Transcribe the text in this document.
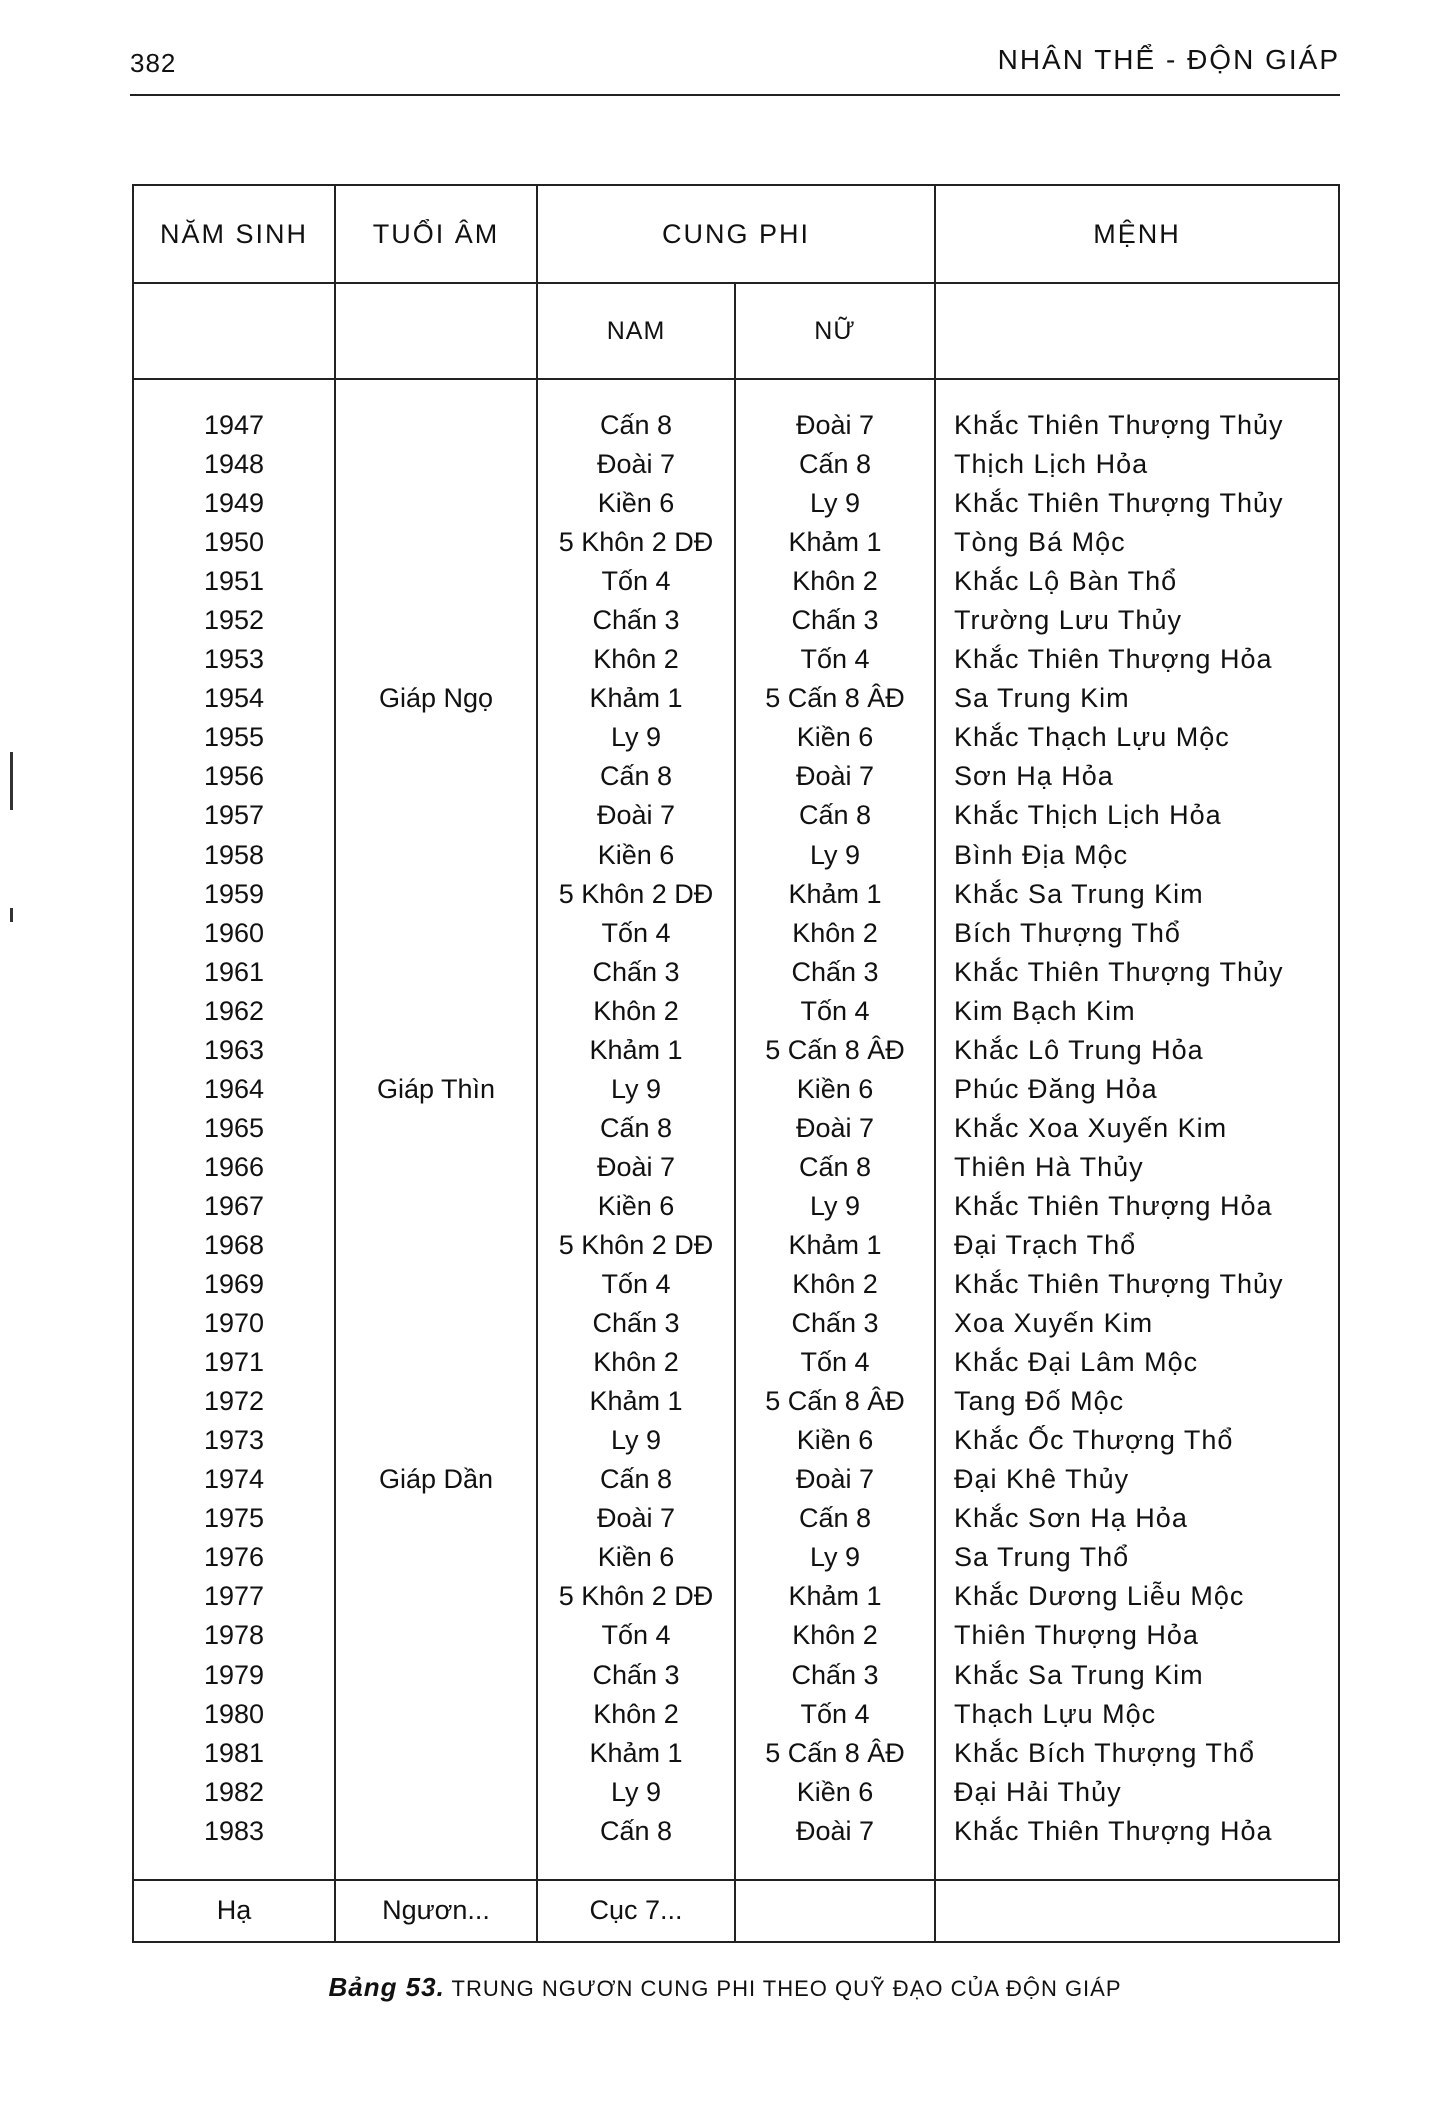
382	NHÂN THỂ - ĐỘN GIÁP
NĂM SINH	TUỔI ÂM	CUNG PHI		MỆNH
		NAM	NỮ	
1947		Cấn 8	Đoài 7	Khắc Thiên Thượng Thủy
1948		Đoài 7	Cấn 8	Thịch Lịch Hỏa
1949		Kiền 6	Ly 9	Khắc Thiên Thượng Thủy
1950		5 Khôn 2 DĐ	Khảm 1	Tòng Bá Mộc
1951		Tốn 4	Khôn 2	Khắc Lộ Bàn Thổ
1952		Chấn 3	Chấn 3	Trường Lưu Thủy
1953		Khôn 2	Tốn 4	Khắc Thiên Thượng Hỏa
1954	Giáp Ngọ	Khảm 1	5 Cấn 8 ÂĐ	Sa Trung Kim
1955		Ly 9	Kiền 6	Khắc Thạch Lựu Mộc
1956		Cấn 8	Đoài 7	Sơn Hạ Hỏa
1957		Đoài 7	Cấn 8	Khắc Thịch Lịch Hỏa
1958		Kiền 6	Ly 9	Bình Địa Mộc
1959		5 Khôn 2 DĐ	Khảm 1	Khắc Sa Trung Kim
1960		Tốn 4	Khôn 2	Bích Thượng Thổ
1961		Chấn 3	Chấn 3	Khắc Thiên Thượng Thủy
1962		Khôn 2	Tốn 4	Kim Bạch Kim
1963		Khảm 1	5 Cấn 8 ÂĐ	Khắc Lô Trung Hỏa
1964	Giáp Thìn	Ly 9	Kiền 6	Phúc Đăng Hỏa
1965		Cấn 8	Đoài 7	Khắc Xoa Xuyến Kim
1966		Đoài 7	Cấn 8	Thiên Hà Thủy
1967		Kiền 6	Ly 9	Khắc Thiên Thượng Hỏa
1968		5 Khôn 2 DĐ	Khảm 1	Đại Trạch Thổ
1969		Tốn 4	Khôn 2	Khắc Thiên Thượng Thủy
1970		Chấn 3	Chấn 3	Xoa Xuyến Kim
1971		Khôn 2	Tốn 4	Khắc Đại Lâm Mộc
1972		Khảm 1	5 Cấn 8 ÂĐ	Tang Đố Mộc
1973		Ly 9	Kiền 6	Khắc Ốc Thượng Thổ
1974	Giáp Dần	Cấn 8	Đoài 7	Đại Khê Thủy
1975		Đoài 7	Cấn 8	Khắc Sơn Hạ Hỏa
1976		Kiền 6	Ly 9	Sa Trung Thổ
1977		5 Khôn 2 DĐ	Khảm 1	Khắc Dương Liễu Mộc
1978		Tốn 4	Khôn 2	Thiên Thượng Hỏa
1979		Chấn 3	Chấn 3	Khắc Sa Trung Kim
1980		Khôn 2	Tốn 4	Thạch Lựu Mộc
1981		Khảm 1	5 Cấn 8 ÂĐ	Khắc Bích Thượng Thổ
1982		Ly 9	Kiền 6	Đại Hải Thủy
1983		Cấn 8	Đoài 7	Khắc Thiên Thượng Hỏa
Hạ	Ngươn...	Cục 7...		
Bảng 53. TRUNG NGƯƠN CUNG PHI THEO QUỸ ĐẠO CỦA ĐỘN GIÁP
